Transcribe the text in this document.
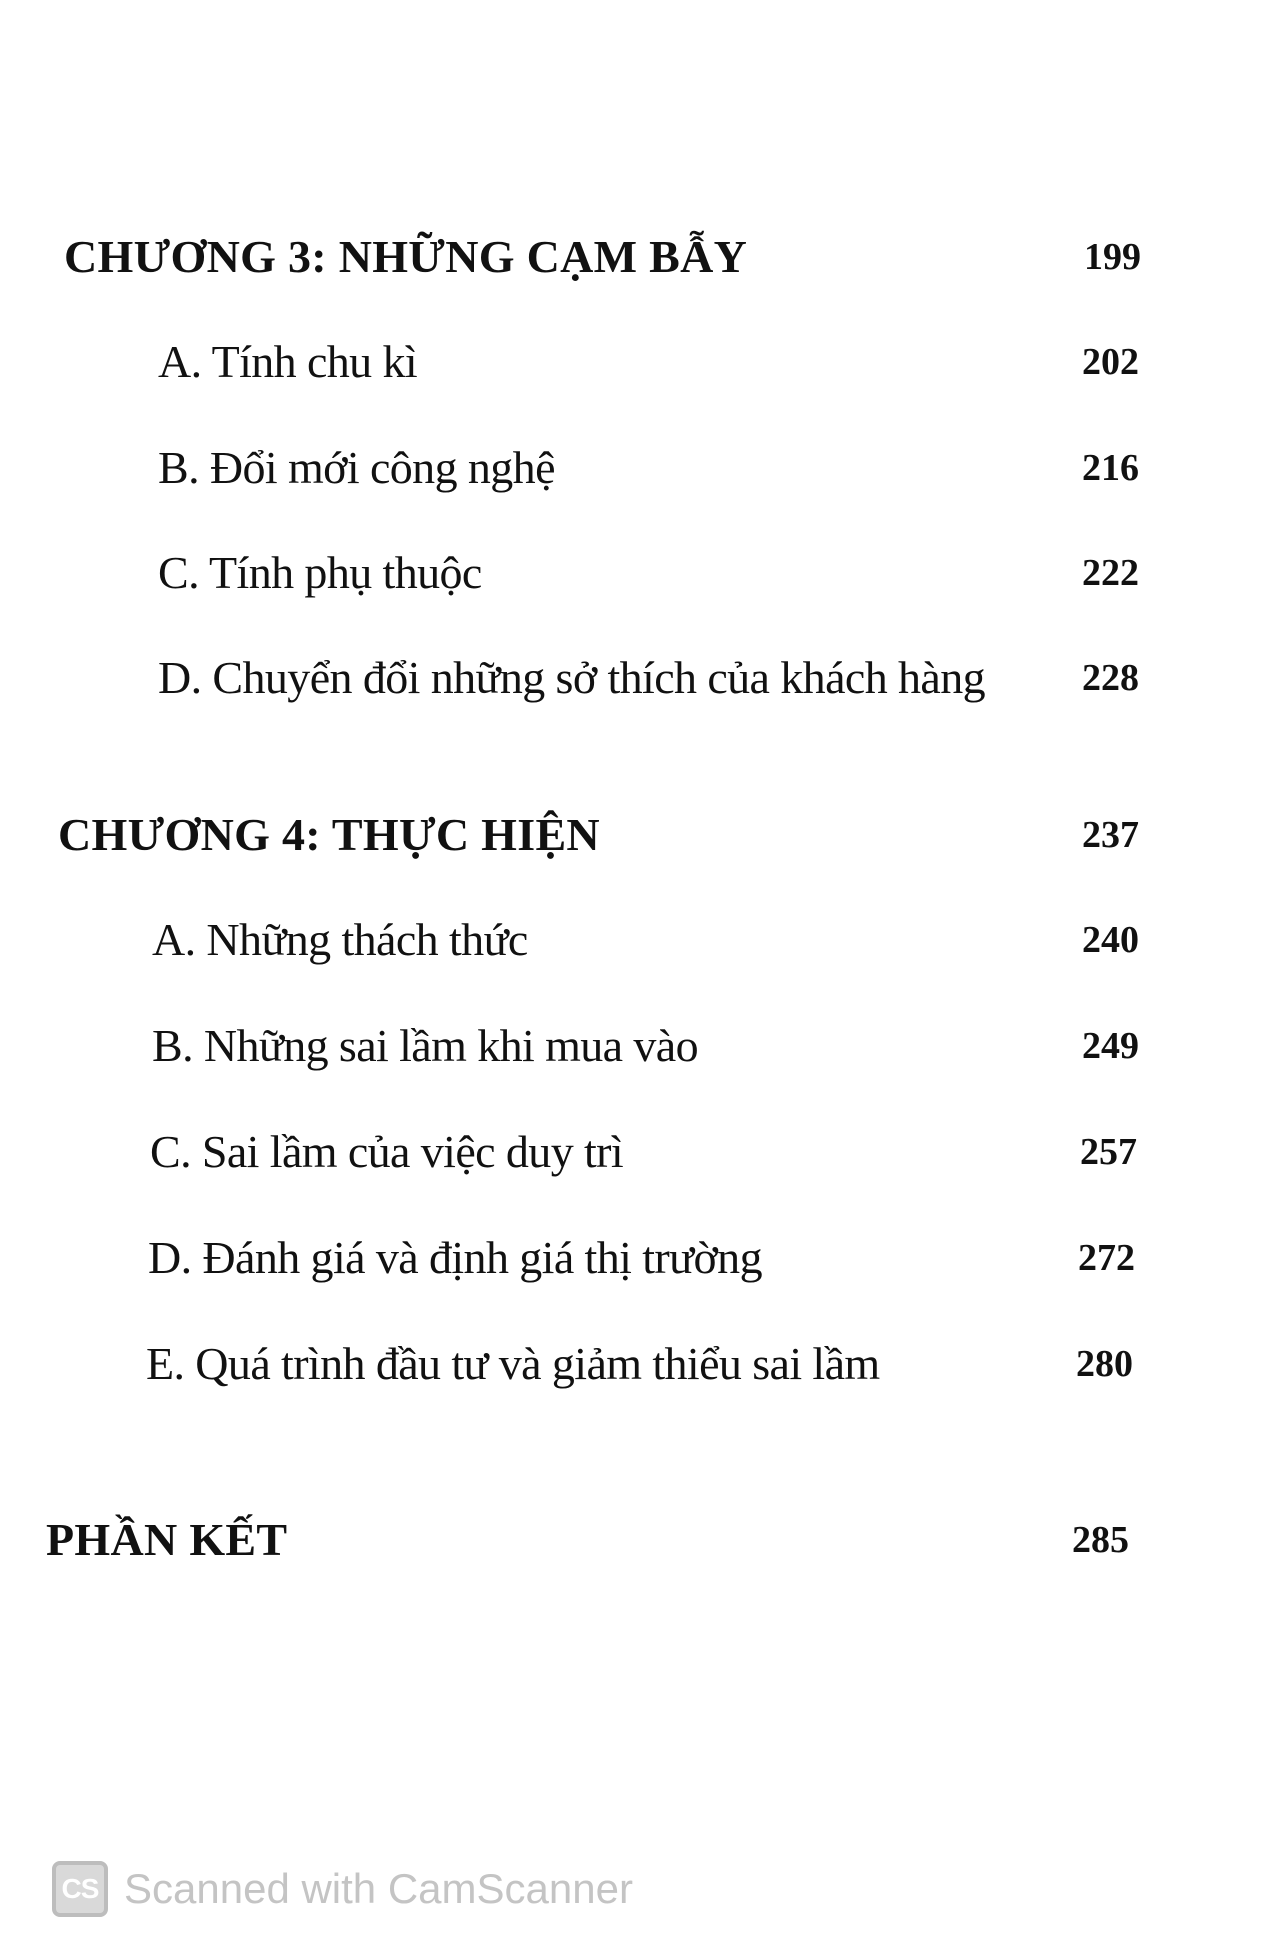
CHƯƠNG 3: NHỮNG CẠM BẪY	199
A. Tính chu kì	202
B. Đổi mới công nghệ	216
C. Tính phụ thuộc	222
D. Chuyển đổi những sở thích của khách hàng	228
CHƯƠNG 4: THỰC HIỆN	237
A. Những thách thức	240
B. Những sai lầm khi mua vào	249
C. Sai lầm của việc duy trì	257
D. Đánh giá và định giá thị trường	272
E. Quá trình đầu tư và giảm thiểu sai lầm	280
PHẦN KẾT	285
CS Scanned with CamScanner
